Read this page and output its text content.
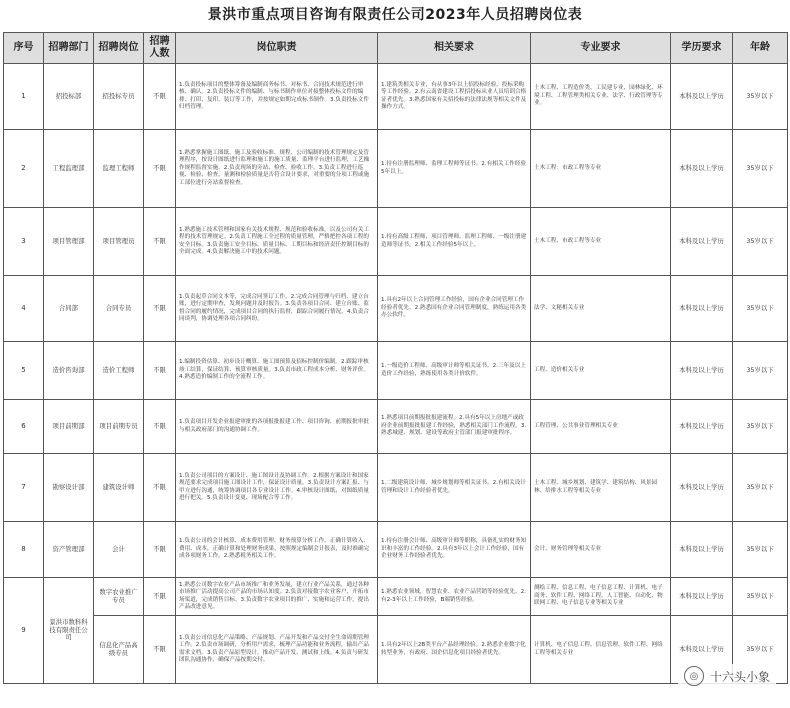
景洪市重点项目咨询有限责任公司2023年人员招聘岗位表
序号	招聘部门	招聘岗位	招聘人数	岗位职责	相关要求	专业要求	学历要求	年龄
1	招投标部	招投标专员	不限	1.负责投标项目的整体筹备及编制商务标书、对标书、合同技术规范进行审核、确认。2.负责投标文件的编制、与标书制作单位对接整体投标文件的编排、打印、复印、装订等工作，并按规定如期完成标书制作。3.负责投标文件归档管理。	1.建筑类相关专业，有从事3年以上招投标经验，投标采购等工作经验。2.有云南省建设工程招投标从业人员培训合格证者优先。3.熟悉国家有关招投标的法律法规等相关文件及操作方式。	土木工程、工程造价类、工民建专业、园林绿化、环境工程、工程管理类相关专业、法学、行政管理等专业。	本科及以上学历	35岁以下
2	工程监理部	监理工程师	不限	1.熟悉掌握施工图纸、施工及验收标准、规程、公司编制的技术管理规定及管理程序，按设计图纸进行监理和施工的施工质量、监理平台进行监理，工艺操作规程监督实施。2.负责现场的旁站、检查、验收工作。3.负责工程进行巡视、检验、检查，量测和检验质量是否符合设计要求，对重要的分项工程或施工部位进行旁站监督检查。	1.持有注册监理师、监理工程师等证书。2.有相关工作经验5年以上。	土木工程：市政工程等专业	本科及以上学历	35岁以下
3	项目管理部	项目管理员	不限	1.熟悉施工技术管理和国家有关技术规程、规范和验收标准，以及公司有关工程的技术管理规定。2.负责工程施工全过程的质量管理，严格把控各项工程的安全目标。3.负责施工安全目标、质量目标、工期目标和经济责任控制目标的全面完成。4.负责解决施工中的技术问题。	1.持有高级工程师、项目管理师、监理工程师、一级注册建造师等证书。2.相关工作经验5年以上。	土木工程、市政工程等专业	本科及以上学历	35岁以下
4	合同部	合同专员	不限	1.负责起草合同文本等，完成合同签订工作。2.完成合同管理与归档、建立台账，进行定期审查，发现问题并及时报告。3.负责各项目合同、建立台账、监督合同的履约情况，完成项目合同的执行监督，跟踪合同履行情况。4.负责合同谈判，协调处理各项合同纠纷。	1.具有2年以上合同管理工作经验，国有企业合同管理工作经验者优先。2.熟悉国有企业合同管理制度，熟练运用各类办公软件。	法学、文秘相关专业	本科及以上学历	35岁以下
5	造价咨询部	造价工程师	不限	1.编制投资估算、初步设计概算、施工图预算及招标控制价编制。2.跟踪审核竣工结算，保证结算、预算审核质量。3.负责市政工程成本分析、财务评价。4.熟悉造价编制工作的全流程工作。	1.一级造价工程师、高级审计师等相关证书。2.三年及以上造价工作经验，熟练使用各类计价软件。	工程、造价相关专业	本科及以上学历	35岁以下
6	项目前期部	项目前期专员	不限	1.负责项目开发企业报建审批的各项报批报建工作、项目咨询、前期报批审批与相关政府部门的沟通协调工作。	1.熟悉项目前期报批报建流程。2.具有5年以上房地产或政府企业前期报批报建工作经验，熟悉相关部门工作流程。3.熟悉城建、规划、建设等政府主管部门报建审批程序。	工程管理、公共事业管理相关专业	本科及以上学历	35岁以下
7	勘察设计部	建筑设计师	不限	1.负责公司项目的方案设计、施工图设计及协调工作。2.根据方案设计和国家规范要求完成项目施工图设计工作，保证设计质量。3.负责设计方案汇报、与甲方进行沟通，统筹协调项目各专业设计工作。4.审核设计图纸，对图纸质量进行把关。5.负责设计变更、现场配合等工作。	1.二级建筑设计师、城乡规划师等相关证书。2.有相关设计管理和设计工作经验者优先。	土木工程、城乡规划、建筑学、建筑结构、风景园林、给排水工程等相关专业	本科及以上学历	35岁以下
8	资产管理部	会计	不限	1.负责公司的会计核算、成本费用管理、财务预算分析工作，正确计算收入、费用、成本，正确计算和处理财务成果，按照规定编制会计报表，及时准确完成各项财务工作。2.熟悉税务相关工作。	1.持有注册会计师、高级审计师等职称，具备扎实的财务知识和丰富的工作经验。2.具有3年以上会计工作经验，国有企业财务工作经验者优先。	会计、财务管理等相关专业	本科及以上学历	35岁以下
9	景洪市数科科技有限责任公司	数字农业推广专员	不限	1.熟悉公司数字农业产品市场推广和业务发展，建立行业产品关系，通过各种市场推广活动提高公司产品的市场认知度。2.负责对接数字农业客户，开拓市场渠道，完成销售目标。3.负责数字农业项目的推广、实施和运营工作，提出产品改进意见。	1.熟悉农业领域，智慧农业、农业产品营销等经验优先。2.有2-3年以上工作经验，B端销售经验。	测绘工程、信息工程、电子信息工程、计算机、电子商务、软件工程、网络工程、人工智能、自动化、物联网工程、电子信息专业等相关专业	本科及以上学历	35岁以下
		信息化产品高级专员	不限	1.负责公司信息化产品策略、产品规划、产品开发和产品交付全生命周期管理工作。2.负责市场调研，分析用户需求，梳理产品功能和业务流程，输出产品需求文档。3.负责产品原型设计，推动产品开发、测试和上线。4.负责与研发团队沟通协作，确保产品按期交付。	1.具有2年以上2B类平台产品经理经验。2.熟悉企业数字化转型业务，有政府、国企信息化项目经验者优先。	计算机、电子信息工程、信息管理、软件工程、网络工程等相关专业	本科及以上学历	35岁以下
◎ 十六头小象
